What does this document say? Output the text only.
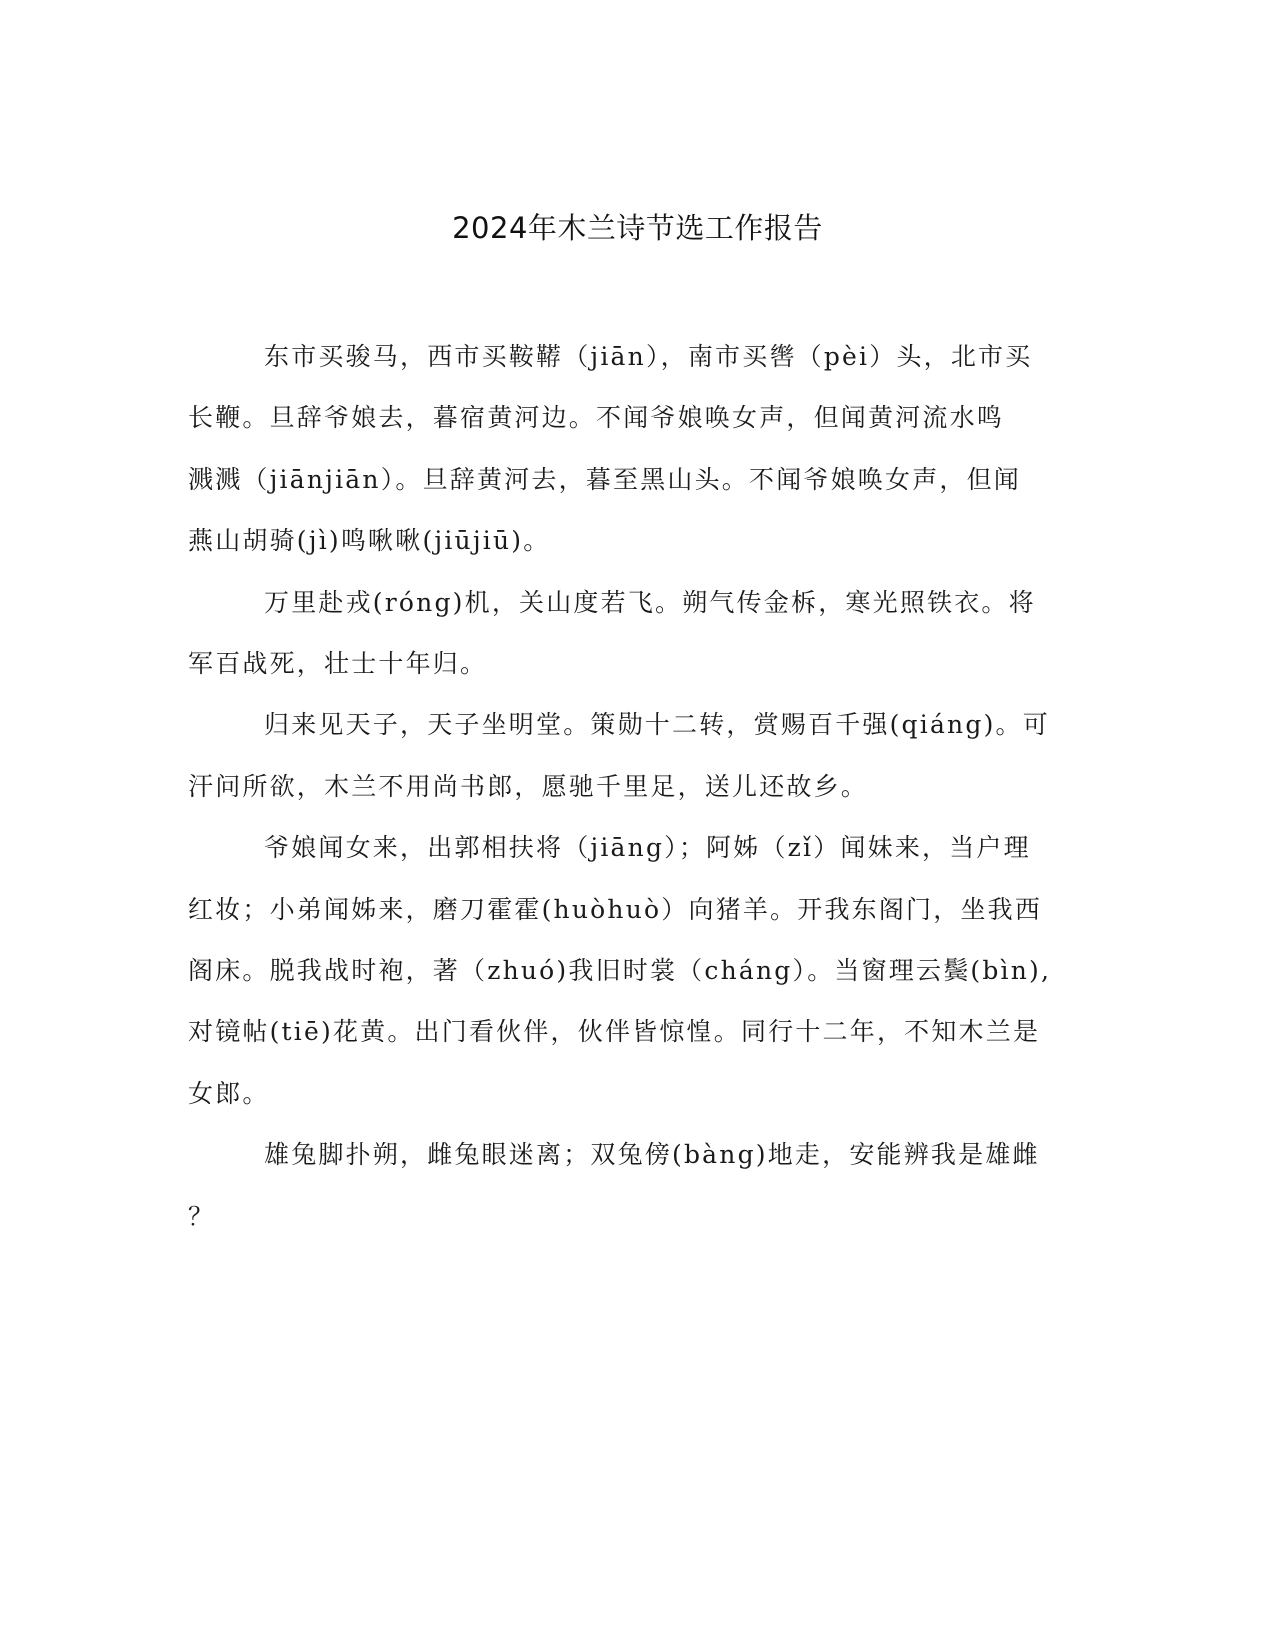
2024年木兰诗节选工作报告

东市买骏马，西市买鞍鞯（jiān），南市买辔（pèi）头，北市买
长鞭。旦辞爷娘去，暮宿黄河边。不闻爷娘唤女声，但闻黄河流水鸣
溅溅（jiānjiān）。旦辞黄河去，暮至黑山头。不闻爷娘唤女声，但闻
燕山胡骑(jì)鸣啾啾(jiūjiū)。

万里赴戎(róng)机，关山度若飞。朔气传金柝，寒光照铁衣。将
军百战死，壮士十年归。

归来见天子，天子坐明堂。策勋十二转，赏赐百千强(qiáng)。可
汗问所欲，木兰不用尚书郎，愿驰千里足，送儿还故乡。

爷娘闻女来，出郭相扶将（jiāng）；阿姊（zǐ）闻妹来，当户理
红妆；小弟闻姊来，磨刀霍霍(huòhuò）向猪羊。开我东阁门，坐我西
阁床。脱我战时袍，著（zhuó)我旧时裳（cháng）。当窗理云鬓(bìn),
对镜帖(tiē)花黄。出门看伙伴，伙伴皆惊惶。同行十二年，不知木兰是
女郎。

雄兔脚扑朔，雌兔眼迷离；双兔傍(bàng)地走，安能辨我是雄雌
？
